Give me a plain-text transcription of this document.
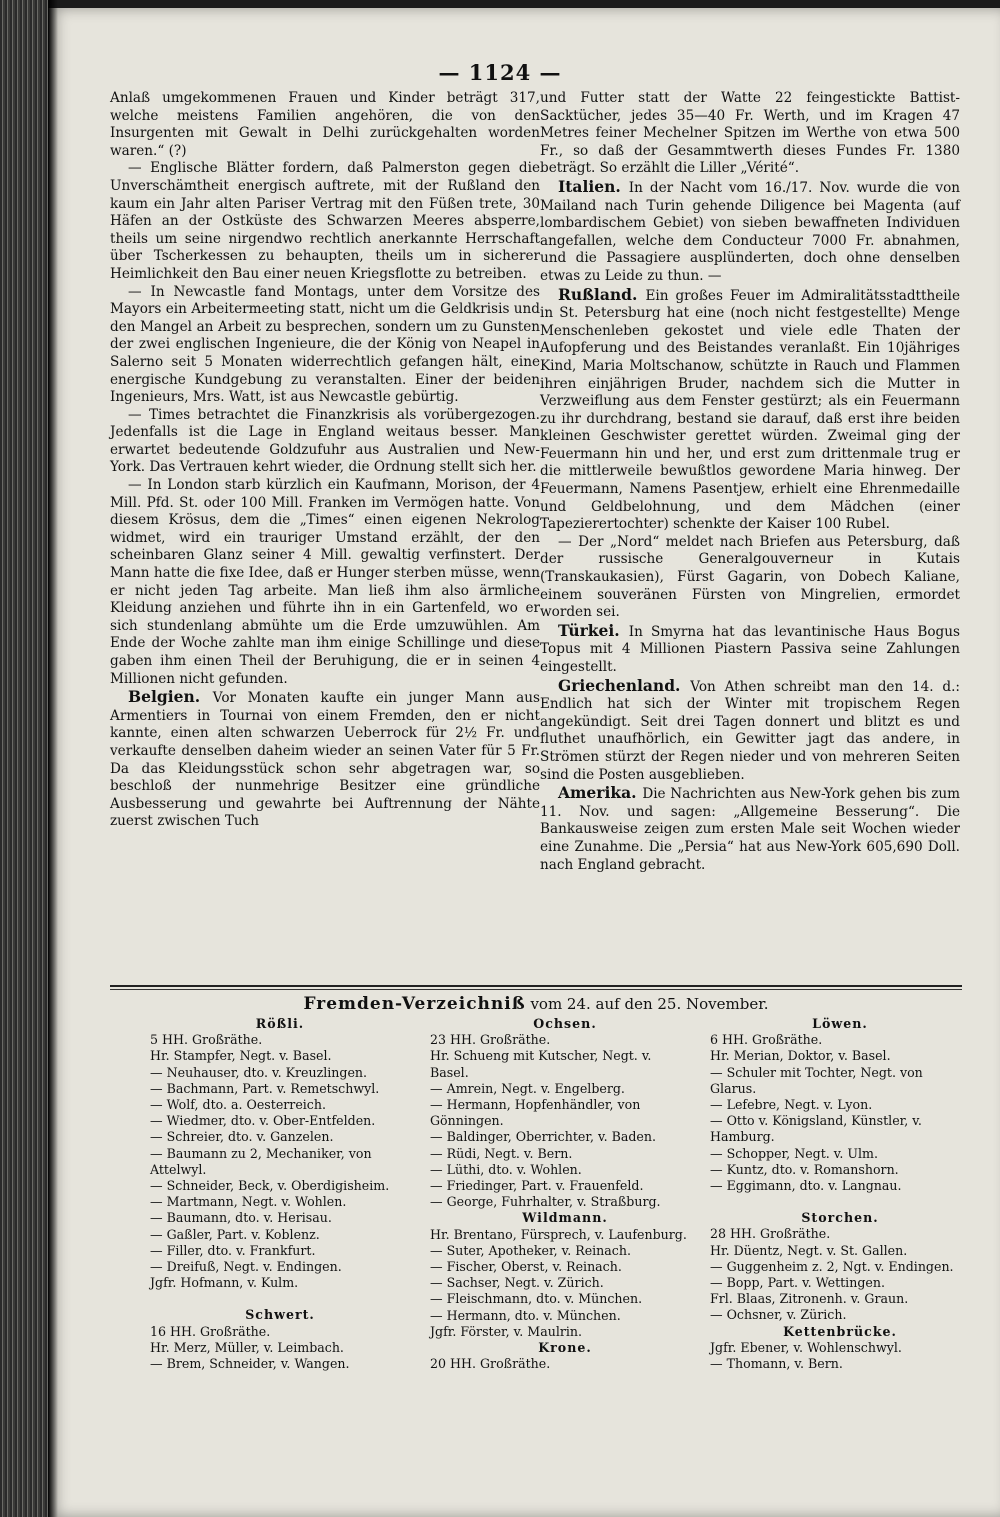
— 1124 —

Anlaß umgekommenen Frauen und Kinder beträgt 317, welche meistens Familien angehören, die von den Insurgenten mit Gewalt in Delhi zurückgehalten worden waren.“ (?)

— Englische Blätter fordern, daß Palmerston gegen die Unverschämtheit energisch auftrete, mit der Rußland den kaum ein Jahr alten Pariser Vertrag mit den Füßen trete, 30 Häfen an der Ostküste des Schwarzen Meeres absperre, theils um seine nirgendwo rechtlich anerkannte Herrschaft über Tscherkessen zu behaupten, theils um in sicherer Heimlichkeit den Bau einer neuen Kriegsflotte zu betreiben.

— In Newcastle fand Montags, unter dem Vorsitze des Mayors ein Arbeitermeeting statt, nicht um die Geldkrisis und den Mangel an Arbeit zu besprechen, sondern um zu Gunsten der zwei englischen Ingenieure, die der König von Neapel in Salerno seit 5 Monaten widerrechtlich gefangen hält, eine energische Kundgebung zu veranstalten. Einer der beiden Ingenieurs, Mrs. Watt, ist aus Newcastle gebürtig.

— Times betrachtet die Finanzkrisis als vorübergezogen. Jedenfalls ist die Lage in England weitaus besser. Man erwartet bedeutende Goldzufuhr aus Australien und New-York. Das Vertrauen kehrt wieder, die Ordnung stellt sich her.

— In London starb kürzlich ein Kaufmann, Morison, der 4 Mill. Pfd. St. oder 100 Mill. Franken im Vermögen hatte. Von diesem Krösus, dem die „Times“ einen eigenen Nekrolog widmet, wird ein trauriger Umstand erzählt, der den scheinbaren Glanz seiner 4 Mill. gewaltig verfinstert. Der Mann hatte die fixe Idee, daß er Hunger sterben müsse, wenn er nicht jeden Tag arbeite. Man ließ ihm also ärmliche Kleidung anziehen und führte ihn in ein Gartenfeld, wo er sich stundenlang abmühte um die Erde umzuwühlen. Am Ende der Woche zahlte man ihm einige Schillinge und diese gaben ihm einen Theil der Beruhigung, die er in seinen 4 Millionen nicht gefunden.

Belgien. Vor Monaten kaufte ein junger Mann aus Armentiers in Tournai von einem Fremden, den er nicht kannte, einen alten schwarzen Ueberrock für 2½ Fr. und verkaufte denselben daheim wieder an seinen Vater für 5 Fr. Da das Kleidungsstück schon sehr abgetragen war, so beschloß der nunmehrige Besitzer eine gründliche Ausbesserung und gewahrte bei Auftrennung der Nähte zuerst zwischen Tuch

und Futter statt der Watte 22 feingestickte Battist-Sacktücher, jedes 35—40 Fr. Werth, und im Kragen 47 Metres feiner Mechelner Spitzen im Werthe von etwa 500 Fr., so daß der Gesammtwerth dieses Fundes Fr. 1380 beträgt. So erzählt die Liller „Vérité“.

Italien. In der Nacht vom 16./17. Nov. wurde die von Mailand nach Turin gehende Diligence bei Magenta (auf lombardischem Gebiet) von sieben bewaffneten Individuen angefallen, welche dem Conducteur 7000 Fr. abnahmen, und die Passagiere ausplünderten, doch ohne denselben etwas zu Leide zu thun. —

Rußland. Ein großes Feuer im Admiralitätsstadttheile in St. Petersburg hat eine (noch nicht festgestellte) Menge Menschenleben gekostet und viele edle Thaten der Aufopferung und des Beistandes veranlaßt. Ein 10jähriges Kind, Maria Moltschanow, schützte in Rauch und Flammen ihren einjährigen Bruder, nachdem sich die Mutter in Verzweiflung aus dem Fenster gestürzt; als ein Feuermann zu ihr durchdrang, bestand sie darauf, daß erst ihre beiden kleinen Geschwister gerettet würden. Zweimal ging der Feuermann hin und her, und erst zum drittenmale trug er die mittlerweile bewußtlos gewordene Maria hinweg. Der Feuermann, Namens Pasentjew, erhielt eine Ehrenmedaille und Geldbelohnung, und dem Mädchen (einer Tapezierertochter) schenkte der Kaiser 100 Rubel.

— Der „Nord“ meldet nach Briefen aus Petersburg, daß der russische Generalgouverneur in Kutais (Transkaukasien), Fürst Gagarin, von Dobech Kaliane, einem souveränen Fürsten von Mingrelien, ermordet worden sei.

Türkei. In Smyrna hat das levantinische Haus Bogus Topus mit 4 Millionen Piastern Passiva seine Zahlungen eingestellt.

Griechenland. Von Athen schreibt man den 14. d.: Endlich hat sich der Winter mit tropischem Regen angekündigt. Seit drei Tagen donnert und blitzt es und fluthet unaufhörlich, ein Gewitter jagt das andere, in Strömen stürzt der Regen nieder und von mehreren Seiten sind die Posten ausgeblieben.

Amerika. Die Nachrichten aus New-York gehen bis zum 11. Nov. und sagen: „Allgemeine Besserung“. Die Bankausweise zeigen zum ersten Male seit Wochen wieder eine Zunahme. Die „Persia“ hat aus New-York 605,690 Doll. nach England gebracht.

Fremden-Verzeichniß vom 24. auf den 25. November.
Rößli.
5 HH. Großräthe.
Hr. Stampfer, Negt. v. Basel.
— Neuhauser, dto. v. Kreuzlingen.
— Bachmann, Part. v. Remetschwyl.
— Wolf, dto. a. Oesterreich.
— Wiedmer, dto. v. Ober-Entfelden.
— Schreier, dto. v. Ganzelen.
— Baumann zu 2, Mechaniker, von
Attelwyl.
— Schneider, Beck, v. Oberdigisheim.
— Martmann, Negt. v. Wohlen.
— Baumann, dto. v. Herisau.
— Gaßler, Part. v. Koblenz.
— Filler, dto. v. Frankfurt.
— Dreifuß, Negt. v. Endingen.
Jgfr. Hofmann, v. Kulm.
Schwert.
16 HH. Großräthe.
Hr. Merz, Müller, v. Leimbach.
— Brem, Schneider, v. Wangen.
Ochsen.
23 HH. Großräthe.
Hr. Schueng mit Kutscher, Negt. v.
Basel.
— Amrein, Negt. v. Engelberg.
— Hermann, Hopfenhändler, von
Gönningen.
— Baldinger, Oberrichter, v. Baden.
— Rüdi, Negt. v. Bern.
— Lüthi, dto. v. Wohlen.
— Friedinger, Part. v. Frauenfeld.
— George, Fuhrhalter, v. Straßburg.
Wildmann.
Hr. Brentano, Fürsprech, v. Laufenburg.
— Suter, Apotheker, v. Reinach.
— Fischer, Oberst, v. Reinach.
— Sachser, Negt. v. Zürich.
— Fleischmann, dto. v. München.
— Hermann, dto. v. München.
Jgfr. Förster, v. Maulrin.
Krone.
20 HH. Großräthe.
Löwen.
6 HH. Großräthe.
Hr. Merian, Doktor, v. Basel.
— Schuler mit Tochter, Negt. von
Glarus.
— Lefebre, Negt. v. Lyon.
— Otto v. Königsland, Künstler, v.
Hamburg.
— Schopper, Negt. v. Ulm.
— Kuntz, dto. v. Romanshorn.
— Eggimann, dto. v. Langnau.
Storchen.
28 HH. Großräthe.
Hr. Düentz, Negt. v. St. Gallen.
— Guggenheim z. 2, Ngt. v. Endingen.
— Bopp, Part. v. Wettingen.
Frl. Blaas, Zitronenh. v. Graun.
— Ochsner, v. Zürich.
Kettenbrücke.
Jgfr. Ebener, v. Wohlenschwyl.
— Thomann, v. Bern.
